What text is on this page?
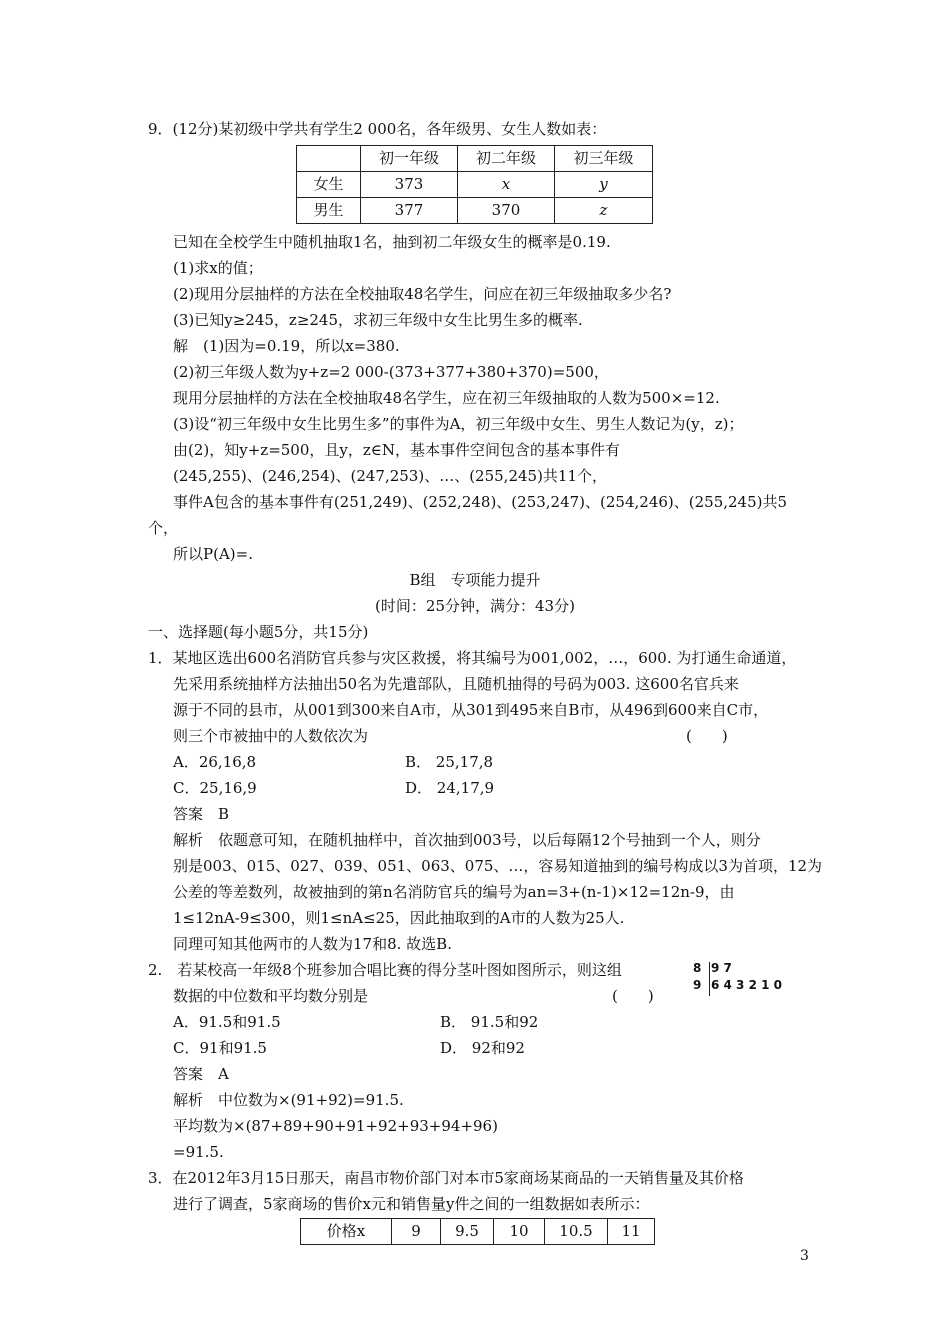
9．(12分)某初级中学共有学生2 000名，各年级男、女生人数如表：
	初一年级	初二年级	初三年级
女生	373	x	y
男生	377	370	z
已知在全校学生中随机抽取1名，抽到初二年级女生的概率是0.19.
(1)求x的值；
(2)现用分层抽样的方法在全校抽取48名学生，问应在初三年级抽取多少名?
(3)已知y≥245，z≥245，求初三年级中女生比男生多的概率.
解　(1)因为=0.19，所以x=380.
(2)初三年级人数为y+z=2 000-(373+377+380+370)=500，
现用分层抽样的方法在全校抽取48名学生，应在初三年级抽取的人数为500×=12.
(3)设“初三年级中女生比男生多”的事件为A，初三年级中女生、男生人数记为(y，z)；
由(2)，知y+z=500，且y，z∈N，基本事件空间包含的基本事件有
(245,255)、(246,254)、(247,253)、…、(255,245)共11个，
事件A包含的基本事件有(251,249)、(252,248)、(253,247)、(254,246)、(255,245)共5
个，
所以P(A)=.
B组　专项能力提升
(时间：25分钟，满分：43分)
一、选择题(每小题5分，共15分)
1．某地区选出600名消防官兵参与灾区救援，将其编号为001,002，…，600. 为打通生命通道，
先采用系统抽样方法抽出50名为先遣部队，且随机抽得的号码为003. 这600名官兵来
源于不同的县市，从001到300来自A市，从301到495来自B市，从496到600来自C市，
则三个市被抽中的人数依次为	(　　)
A．26,16,8	B． 25,17,8
C．25,16,9	D． 24,17,9
答案　B
解析　依题意可知，在随机抽样中，首次抽到003号，以后每隔12个号抽到一个人，则分
别是003、015、027、039、051、063、075、…，容易知道抽到的编号构成以3为首项，12为
公差的等差数列，故被抽到的第n名消防官兵的编号为an=3+(n-1)×12=12n-9，由
1≤12nA-9≤300，则1≤nA≤25，因此抽取到的A市的人数为25人.
同理可知其他两市的人数为17和8. 故选B.
2.　若某校高一年级8个班参加合唱比赛的得分茎叶图如图所示，则这组
数据的中位数和平均数分别是	(　　)
8 9 7
9 6 4 3 2 1 0
A．91.5和91.5	B． 91.5和92
C．91和91.5	D． 92和92
答案　A
解析　中位数为×(91+92)=91.5.
平均数为×(87+89+90+91+92+93+94+96)
=91.5.
3．在2012年3月15日那天，南昌市物价部门对本市5家商场某商品的一天销售量及其价格
进行了调查，5家商场的售价x元和销售量y件之间的一组数据如表所示：
价格x	9	9.5	10	10.5	11
3
